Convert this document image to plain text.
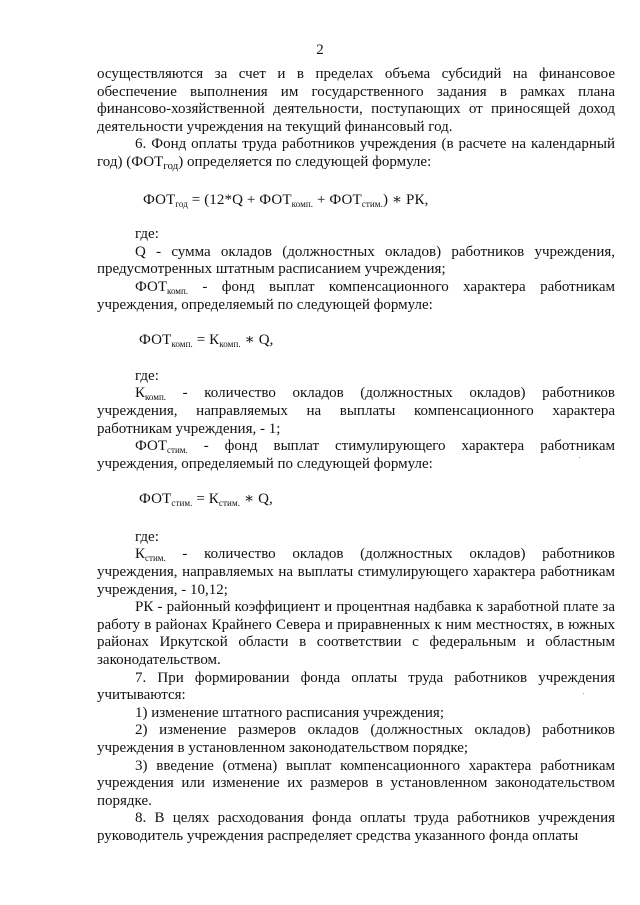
2

осуществляются за счет и в пределах объема субсидий на финансовое обеспечение выполнения им государственного задания в рамках плана финансово-хозяйственной деятельности, поступающих от приносящей доход деятельности учреждения на текущий финансовый год.

6. Фонд оплаты труда работников учреждения (в расчете на календарный год) $(ФОТ_{год})$ определяется по следующей формуле:

$ФОТ_{год} = (12*Q + ФОТ_{комп.} + ФОТ_{стим.})$ ∗ РК,

где:

Q - сумма окладов (должностных окладов) работников учреждения, предусмотренных штатным расписанием учреждения;

$ФОТ_{комп.}$ - фонд выплат компенсационного характера работникам учреждения, определяемый по следующей формуле:

$ФОТ_{комп.} = К_{комп.}$ ∗ Q,

где:

$К_{комп.}$ - количество окладов (должностных окладов) работников учреждения, направляемых на выплаты компенсационного характера работникам учреждения, - 1;

$ФОТ_{стим.}$ - фонд выплат стимулирующего характера работникам учреждения, определяемый по следующей формуле:

$ФОТ_{стим.} = К_{стим.}$ ∗ Q,

где:

$К_{стим.}$ - количество окладов (должностных окладов) работников учреждения, направляемых на выплаты стимулирующего характера работникам учреждения, - 10,12;

РК - районный коэффициент и процентная надбавка к заработной плате за работу в районах Крайнего Севера и приравненных к ним местностях, в южных районах Иркутской области в соответствии с федеральным и областным законодательством.

7. При формировании фонда оплаты труда работников учреждения учитываются:

1) изменение штатного расписания учреждения;

2) изменение размеров окладов (должностных окладов) работников учреждения в установленном законодательством порядке;

3) введение (отмена) выплат компенсационного характера работникам учреждения или изменение их размеров в установленном законодательством порядке.

8. В целях расходования фонда оплаты труда работников учреждения руководитель учреждения распределяет средства указанного фонда оплаты
